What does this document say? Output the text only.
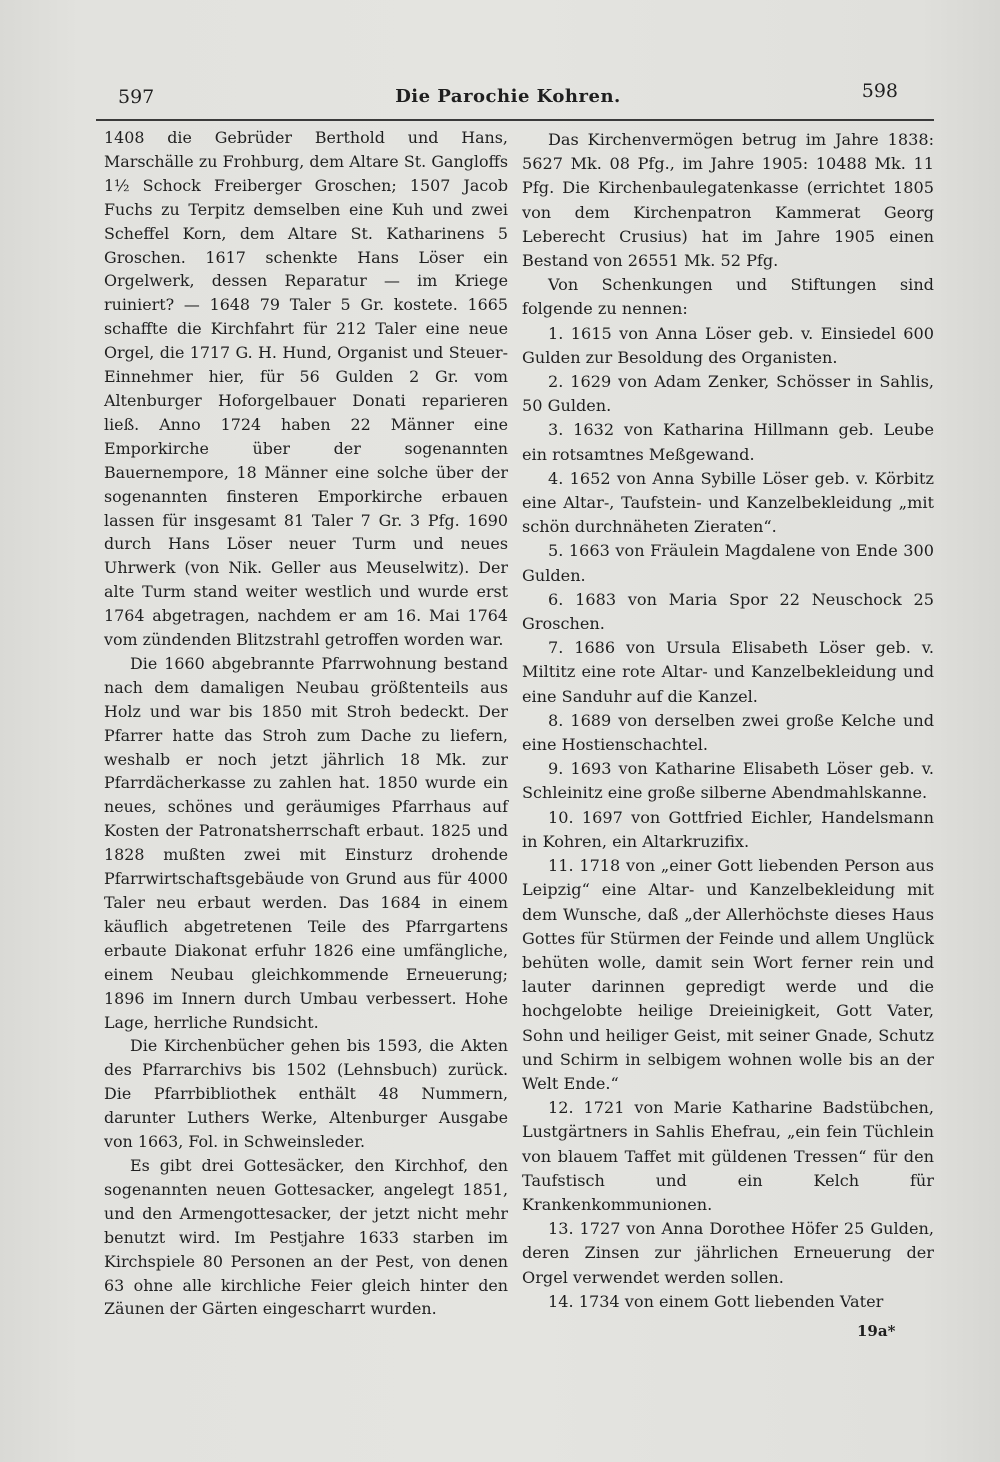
597	Die Parochie Kohren.	598

1408 die Gebrüder Berthold und Hans, Marschälle zu Frohburg, dem Altare St. Gangloffs 1½ Schock Freiberger Groschen; 1507 Jacob Fuchs zu Terpitz demselben eine Kuh und zwei Scheffel Korn, dem Altare St. Katharinens 5 Groschen. 1617 schenkte Hans Löser ein Orgelwerk, dessen Reparatur — im Kriege ruiniert? — 1648 79 Taler 5 Gr. kostete. 1665 schaffte die Kirchfahrt für 212 Taler eine neue Orgel, die 1717 G. H. Hund, Organist und Steuer-Einnehmer hier, für 56 Gulden 2 Gr. vom Altenburger Hoforgelbauer Donati reparieren ließ. Anno 1724 haben 22 Männer eine Emporkirche über der sogenannten Bauernempore, 18 Männer eine solche über der sogenannten finsteren Emporkirche erbauen lassen für insgesamt 81 Taler 7 Gr. 3 Pfg. 1690 durch Hans Löser neuer Turm und neues Uhrwerk (von Nik. Geller aus Meuselwitz). Der alte Turm stand weiter westlich und wurde erst 1764 abgetragen, nachdem er am 16. Mai 1764 vom zündenden Blitzstrahl getroffen worden war.

Die 1660 abgebrannte Pfarrwohnung bestand nach dem damaligen Neubau größtenteils aus Holz und war bis 1850 mit Stroh bedeckt. Der Pfarrer hatte das Stroh zum Dache zu liefern, weshalb er noch jetzt jährlich 18 Mk. zur Pfarrdächerkasse zu zahlen hat. 1850 wurde ein neues, schönes und geräumiges Pfarrhaus auf Kosten der Patronatsherrschaft erbaut. 1825 und 1828 mußten zwei mit Einsturz drohende Pfarrwirtschaftsgebäude von Grund aus für 4000 Taler neu erbaut werden. Das 1684 in einem käuflich abgetretenen Teile des Pfarrgartens erbaute Diakonat erfuhr 1826 eine umfängliche, einem Neubau gleichkommende Erneuerung; 1896 im Innern durch Umbau verbessert. Hohe Lage, herrliche Rundsicht.

Die Kirchenbücher gehen bis 1593, die Akten des Pfarrarchivs bis 1502 (Lehnsbuch) zurück. Die Pfarrbibliothek enthält 48 Nummern, darunter Luthers Werke, Altenburger Ausgabe von 1663, Fol. in Schweinsleder.

Es gibt drei Gottesäcker, den Kirchhof, den sogenannten neuen Gottesacker, angelegt 1851, und den Armengottesacker, der jetzt nicht mehr benutzt wird. Im Pestjahre 1633 starben im Kirchspiele 80 Personen an der Pest, von denen 63 ohne alle kirchliche Feier gleich hinter den Zäunen der Gärten eingescharrt wurden.

Das Kirchenvermögen betrug im Jahre 1838: 5627 Mk. 08 Pfg., im Jahre 1905: 10488 Mk. 11 Pfg. Die Kirchenbaulegatenkasse (errichtet 1805 von dem Kirchenpatron Kammerat Georg Leberecht Crusius) hat im Jahre 1905 einen Bestand von 26551 Mk. 52 Pfg.

Von Schenkungen und Stiftungen sind folgende zu nennen:

1. 1615 von Anna Löser geb. v. Einsiedel 600 Gulden zur Besoldung des Organisten.

2. 1629 von Adam Zenker, Schösser in Sahlis, 50 Gulden.

3. 1632 von Katharina Hillmann geb. Leube ein rotsamtnes Meßgewand.

4. 1652 von Anna Sybille Löser geb. v. Körbitz eine Altar-, Taufstein- und Kanzelbekleidung „mit schön durchnäheten Zieraten“.

5. 1663 von Fräulein Magdalene von Ende 300 Gulden.

6. 1683 von Maria Spor 22 Neuschock 25 Groschen.

7. 1686 von Ursula Elisabeth Löser geb. v. Miltitz eine rote Altar- und Kanzelbekleidung und eine Sanduhr auf die Kanzel.

8. 1689 von derselben zwei große Kelche und eine Hostienschachtel.

9. 1693 von Katharine Elisabeth Löser geb. v. Schleinitz eine große silberne Abendmahlskanne.

10. 1697 von Gottfried Eichler, Handelsmann in Kohren, ein Altarkruzifix.

11. 1718 von „einer Gott liebenden Person aus Leipzig“ eine Altar- und Kanzelbekleidung mit dem Wunsche, daß „der Allerhöchste dieses Haus Gottes für Stürmen der Feinde und allem Unglück behüten wolle, damit sein Wort ferner rein und lauter darinnen gepredigt werde und die hochgelobte heilige Dreieinigkeit, Gott Vater, Sohn und heiliger Geist, mit seiner Gnade, Schutz und Schirm in selbigem wohnen wolle bis an der Welt Ende.“

12. 1721 von Marie Katharine Badstübchen, Lustgärtners in Sahlis Ehefrau, „ein fein Tüchlein von blauem Taffet mit güldenen Tressen“ für den Taufstisch und ein Kelch für Krankenkommunionen.

13. 1727 von Anna Dorothee Höfer 25 Gulden, deren Zinsen zur jährlichen Erneuerung der Orgel verwendet werden sollen.

14. 1734 von einem Gott liebenden Vater

19a*
